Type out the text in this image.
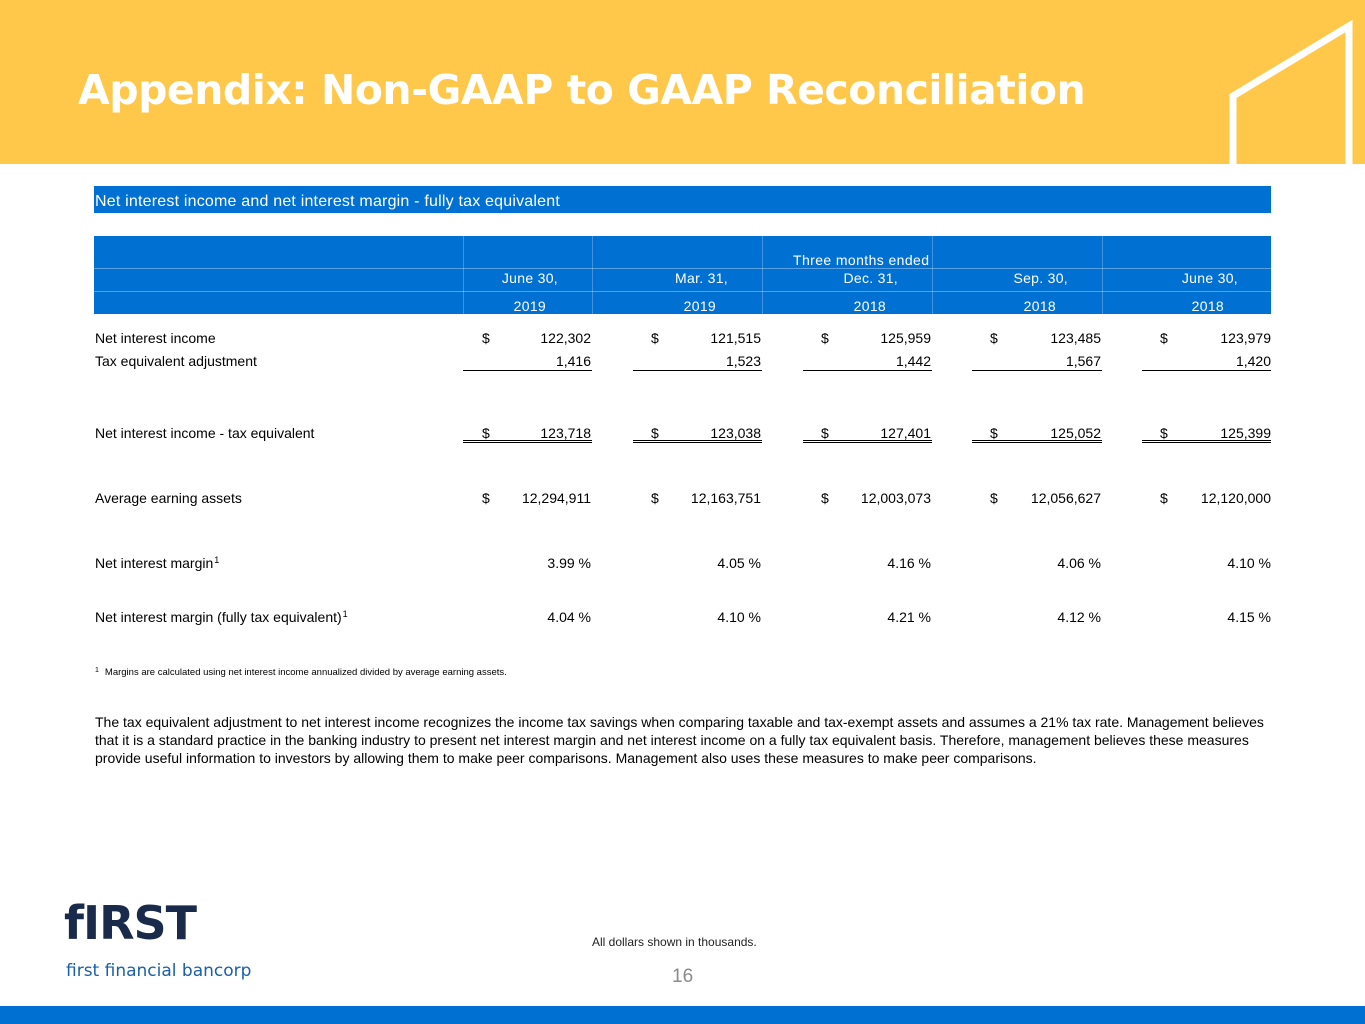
Appendix: Non-GAAP to GAAP Reconciliation
Net interest income and net interest margin - fully tax equivalent
Three months ended
June 30,	Mar. 31,	Dec. 31,	Sep. 30,	June 30,
2019	2019	2018	2018	2018
Net interest income	$	122,302	$	121,515	$	125,959	$	123,485	$	123,979
Tax equivalent adjustment	1,416	1,523	1,442	1,567	1,420
Net interest income - tax equivalent	$	123,718	$	123,038	$	127,401	$	125,052	$	125,399
Average earning assets	$	12,294,911	$	12,163,751	$	12,003,073	$	12,056,627	$	12,120,000
Net interest margin$^1$	3.99 %	4.05 %	4.16 %	4.06 %	4.10 %
Net interest margin (fully tax equivalent)$^1$	4.04 %	4.10 %	4.21 %	4.12 %	4.15 %
$^1$ Margins are calculated using net interest income annualized divided by average earning assets.
The tax equivalent adjustment to net interest income recognizes the income tax savings when comparing taxable and tax-exempt assets and assumes a 21% tax rate. Management believes that it is a standard practice in the banking industry to present net interest margin and net interest income on a fully tax equivalent basis. Therefore, management believes these measures provide useful information to investors by allowing them to make peer comparisons. Management also uses these measures to make peer comparisons.
fIRST
first financial bancorp
All dollars shown in thousands.
16
